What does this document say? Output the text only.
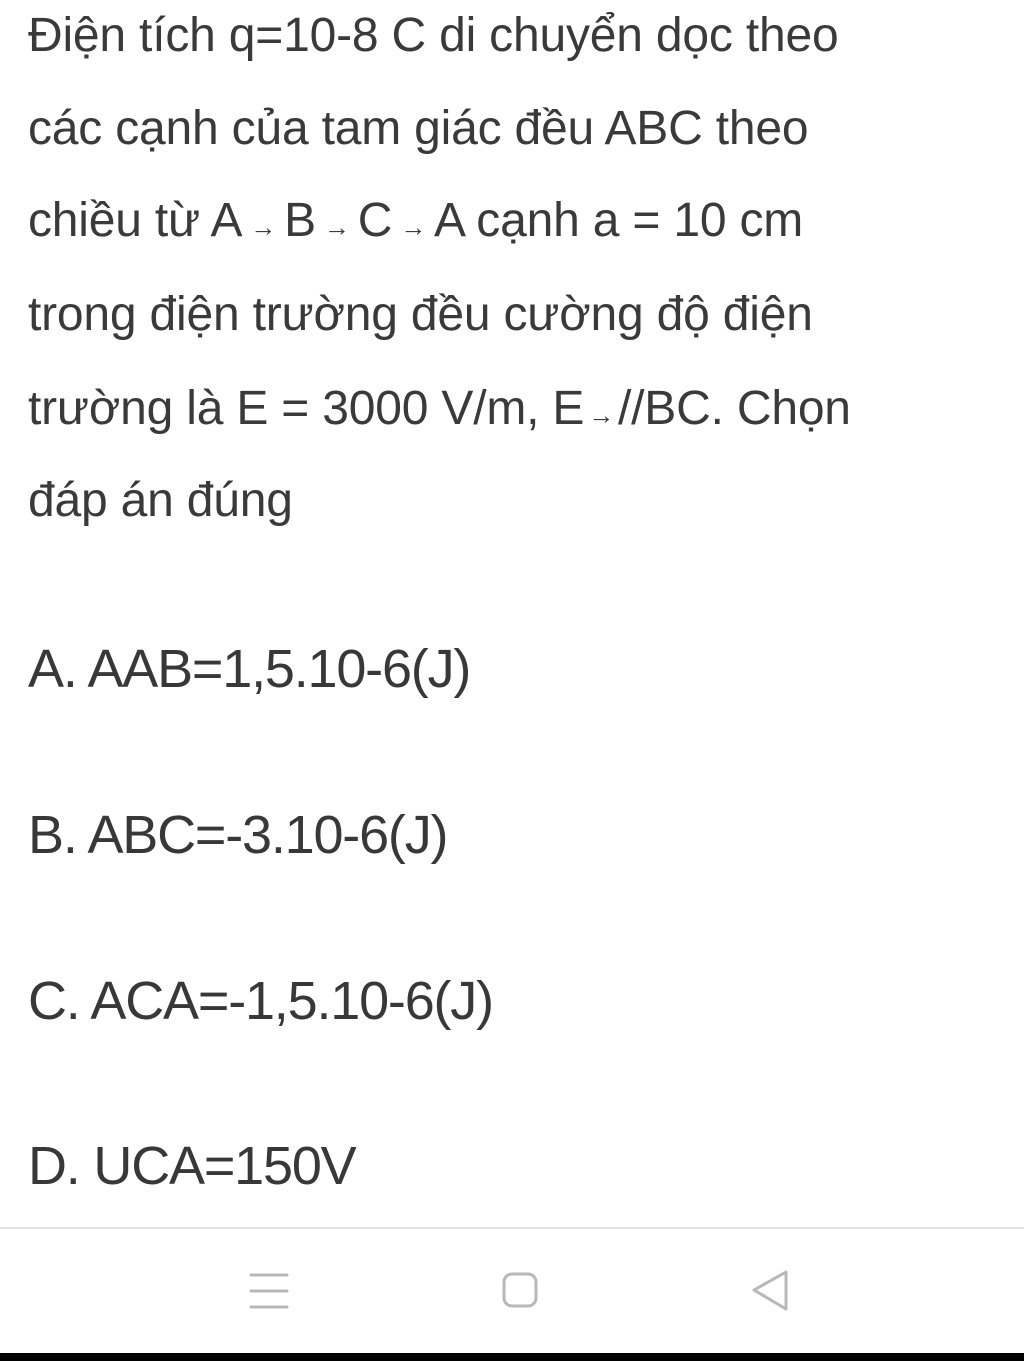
Điện tích q=10-8 C di chuyển dọc theo
các cạnh của tam giác đều ABC theo
chiều từ A → B → C → A cạnh a = 10 cm
trong điện trường đều cường độ điện
trường là E = 3000 V/m, E →//BC. Chọn
đáp án đúng
A. AAB=1,5.10-6(J)
B. ABC=-3.10-6(J)
C. ACA=-1,5.10-6(J)
D. UCA=150V
